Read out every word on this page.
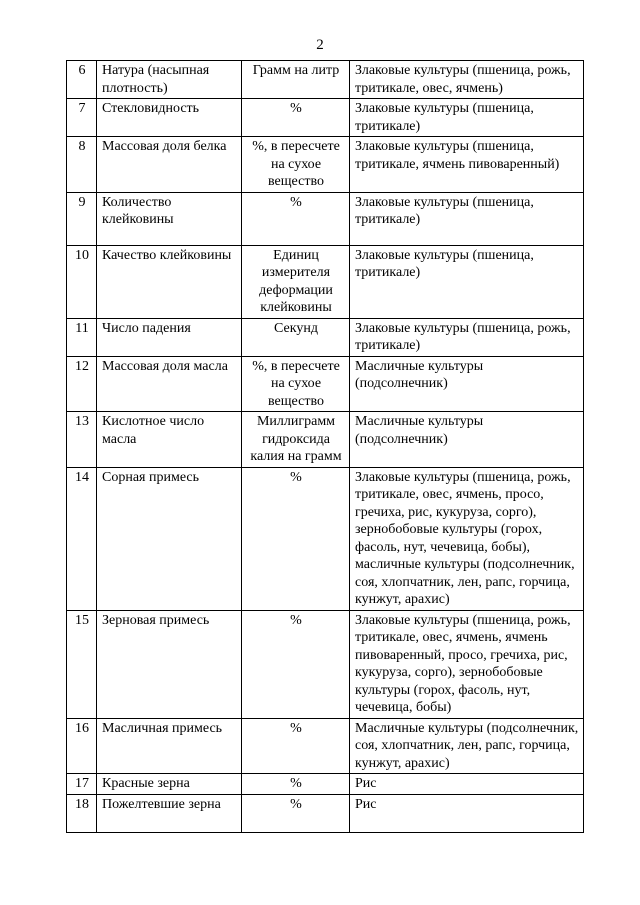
2
6	Натура (насыпная плотность)	Грамм на литр	Злаковые культуры (пшеница, рожь, тритикале, овес, ячмень)
7	Стекловидность	%	Злаковые культуры (пшеница, тритикале)
8	Массовая доля белка	%, в пересчете на сухое вещество	Злаковые культуры (пшеница, тритикале, ячмень пивоваренный)
9	Количество клейковины	%	Злаковые культуры (пшеница, тритикале)
10	Качество клейковины	Единиц измерителя деформации клейковины	Злаковые культуры (пшеница, тритикале)
11	Число падения	Секунд	Злаковые культуры (пшеница, рожь, тритикале)
12	Массовая доля масла	%, в пересчете на сухое вещество	Масличные культуры (подсолнечник)
13	Кислотное число масла	Миллиграмм гидроксида калия на грамм	Масличные культуры (подсолнечник)
14	Сорная примесь	%	Злаковые культуры (пшеница, рожь, тритикале, овес, ячмень, просо, гречиха, рис, кукуруза, сорго), зернобобовые культуры (горох, фасоль, нут, чечевица, бобы), масличные культуры (подсолнечник, соя, хлопчатник, лен, рапс, горчица, кунжут, арахис)
15	Зерновая примесь	%	Злаковые культуры (пшеница, рожь, тритикале, овес, ячмень, ячмень пивоваренный, просо, гречиха, рис, кукуруза, сорго), зернобобовые культуры (горох, фасоль, нут, чечевица, бобы)
16	Масличная примесь	%	Масличные культуры (подсолнечник, соя, хлопчатник, лен, рапс, горчица, кунжут, арахис)
17	Красные зерна	%	Рис
18	Пожелтевшие зерна	%	Рис
